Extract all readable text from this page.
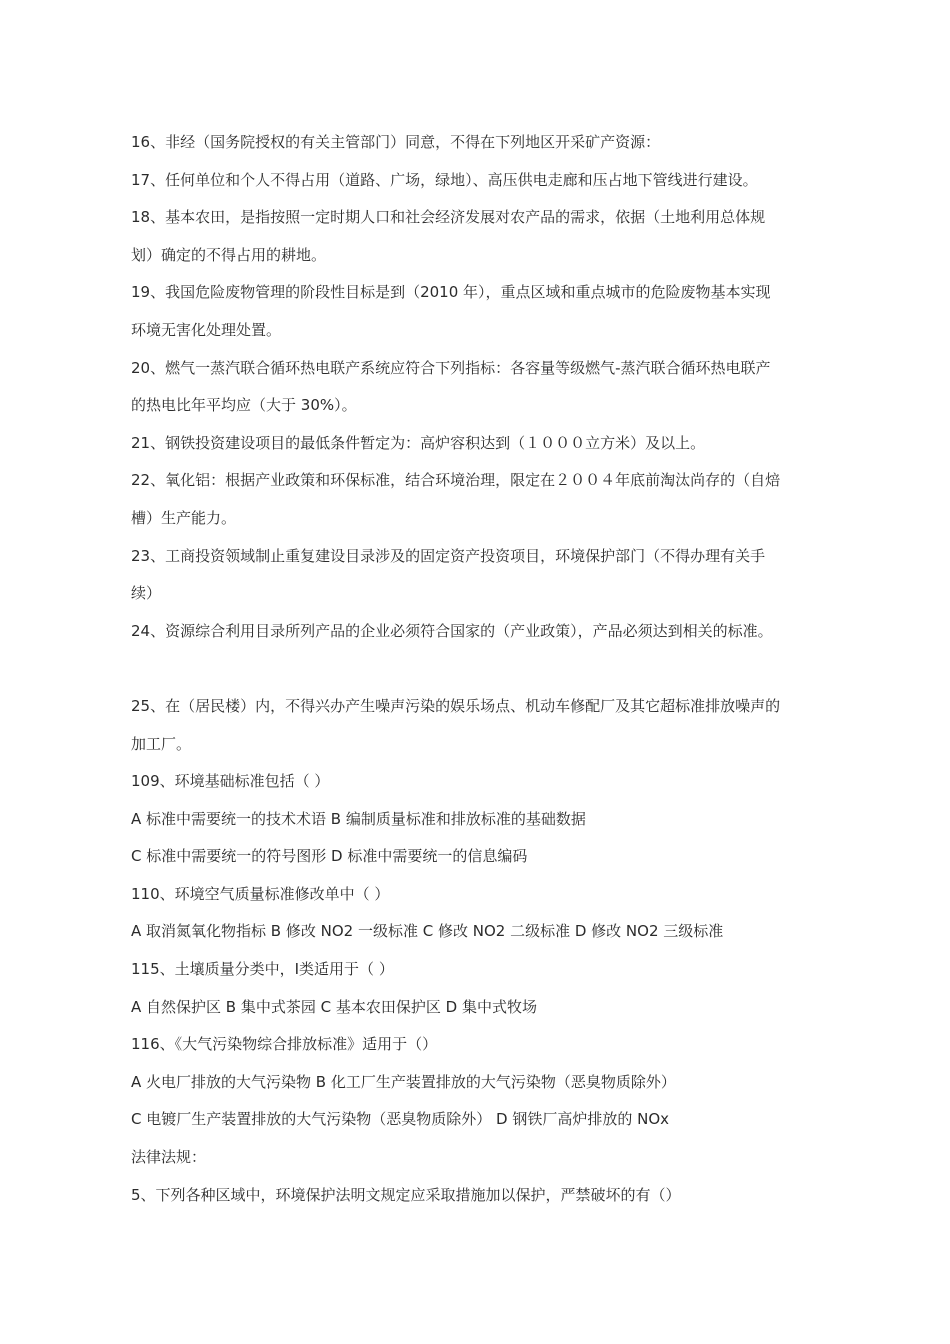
16、非经（国务院授权的有关主管部门）同意，不得在下列地区开采矿产资源：
17、任何单位和个人不得占用（道路、广场，绿地）、高压供电走廊和压占地下管线进行建设。
18、基本农田，是指按照一定时期人口和社会经济发展对农产品的需求，依据（土地利用总体规
划）确定的不得占用的耕地。
19、我国危险废物管理的阶段性目标是到（2010 年），重点区域和重点城市的危险废物基本实现
环境无害化处理处置。
20、燃气一蒸汽联合循环热电联产系统应符合下列指标：各容量等级燃气-蒸汽联合循环热电联产
的热电比年平均应（大于 30%）。
21、钢铁投资建设项目的最低条件暂定为：高炉容积达到（１０００立方米）及以上。
22、氧化铝：根据产业政策和环保标准，结合环境治理，限定在２００４年底前淘汰尚存的（自焙
槽）生产能力。
23、工商投资领域制止重复建设目录涉及的固定资产投资项目，环境保护部门（不得办理有关手
续）
24、资源综合利用目录所列产品的企业必须符合国家的（产业政策），产品必须达到相关的标准。
25、在（居民楼）内，不得兴办产生噪声污染的娱乐场点、机动车修配厂及其它超标准排放噪声的
加工厂。
109、环境基础标准包括（ ）
A 标准中需要统一的技术术语 B 编制质量标准和排放标准的基础数据
C 标准中需要统一的符号图形 D 标准中需要统一的信息编码
110、环境空气质量标准修改单中（ ）
A 取消氮氧化物指标 B 修改 NO2 一级标准 C 修改 NO2 二级标准 D 修改 NO2 三级标准
115、土壤质量分类中，Ⅰ类适用于（ ）
A 自然保护区 B 集中式茶园 C 基本农田保护区 D 集中式牧场
116、《大气污染物综合排放标准》适用于（）
A 火电厂排放的大气污染物 B 化工厂生产装置排放的大气污染物（恶臭物质除外）
C 电镀厂生产装置排放的大气污染物（恶臭物质除外） D 钢铁厂高炉排放的 NOx
法律法规：
5、下列各种区域中，环境保护法明文规定应采取措施加以保护，严禁破坏的有（）
